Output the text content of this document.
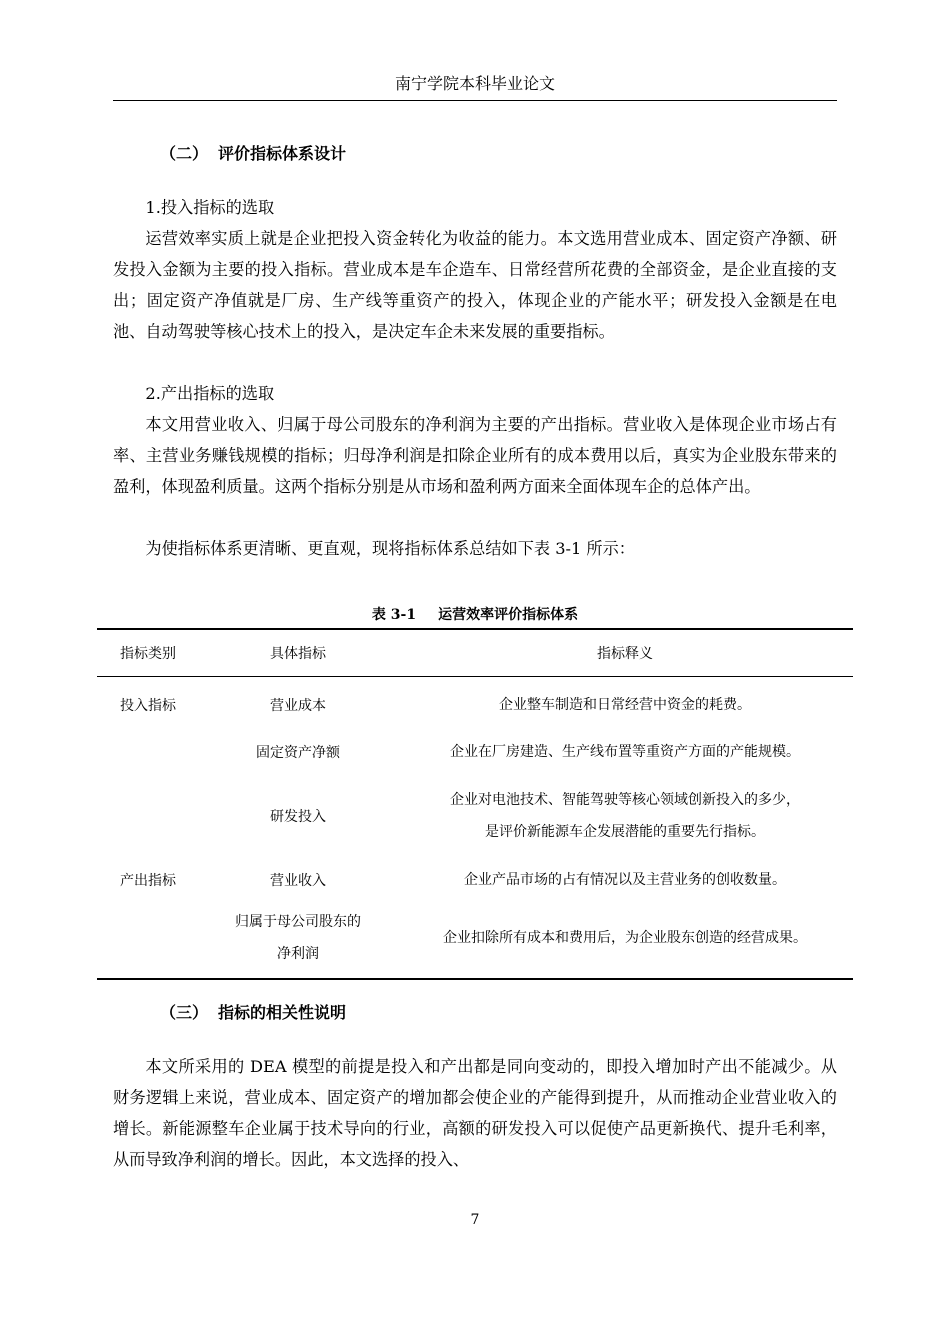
南宁学院本科毕业论文
（二） 评价指标体系设计

1.投入指标的选取

运营效率实质上就是企业把投入资金转化为收益的能力。本文选用营业成本、固定资产净额、研发投入金额为主要的投入指标。营业成本是车企造车、日常经营所花费的全部资金，是企业直接的支出；固定资产净值就是厂房、生产线等重资产的投入，体现企业的产能水平；研发投入金额是在电池、自动驾驶等核心技术上的投入，是决定车企未来发展的重要指标。

2.产出指标的选取

本文用营业收入、归属于母公司股东的净利润为主要的产出指标。营业收入是体现企业市场占有率、主营业务赚钱规模的指标；归母净利润是扣除企业所有的成本费用以后，真实为企业股东带来的盈利，体现盈利质量。这两个指标分别是从市场和盈利两方面来全面体现车企的总体产出。

为使指标体系更清晰、更直观，现将指标体系总结如下表 3-1 所示：

表 3-1 运营效率评价指标体系
指标类别	具体指标	指标释义
投入指标	营业成本	企业整车制造和日常经营中资金的耗费。

	固定资产净额	企业在厂房建造、生产线布置等重资产方面的产能规模。

	研发投入	企业对电池技术、智能驾驶等核心领域创新投入的多少，
是评价新能源车企发展潜能的重要先行指标。

产出指标	营业收入	企业产品市场的占有情况以及主营业务的创收数量。

	归属于母公司股东的
净利润	企业扣除所有成本和费用后，为企业股东创造的经营成果。
（三） 指标的相关性说明

本文所采用的 DEA 模型的前提是投入和产出都是同向变动的，即投入增加时产出不能减少。从财务逻辑上来说，营业成本、固定资产的增加都会使企业的产能得到提升，从而推动企业营业收入的增长。新能源整车企业属于技术导向的行业，高额的研发投入可以促使产品更新换代、提升毛利率，从而导致净利润的增长。因此，本文选择的投入、

7
